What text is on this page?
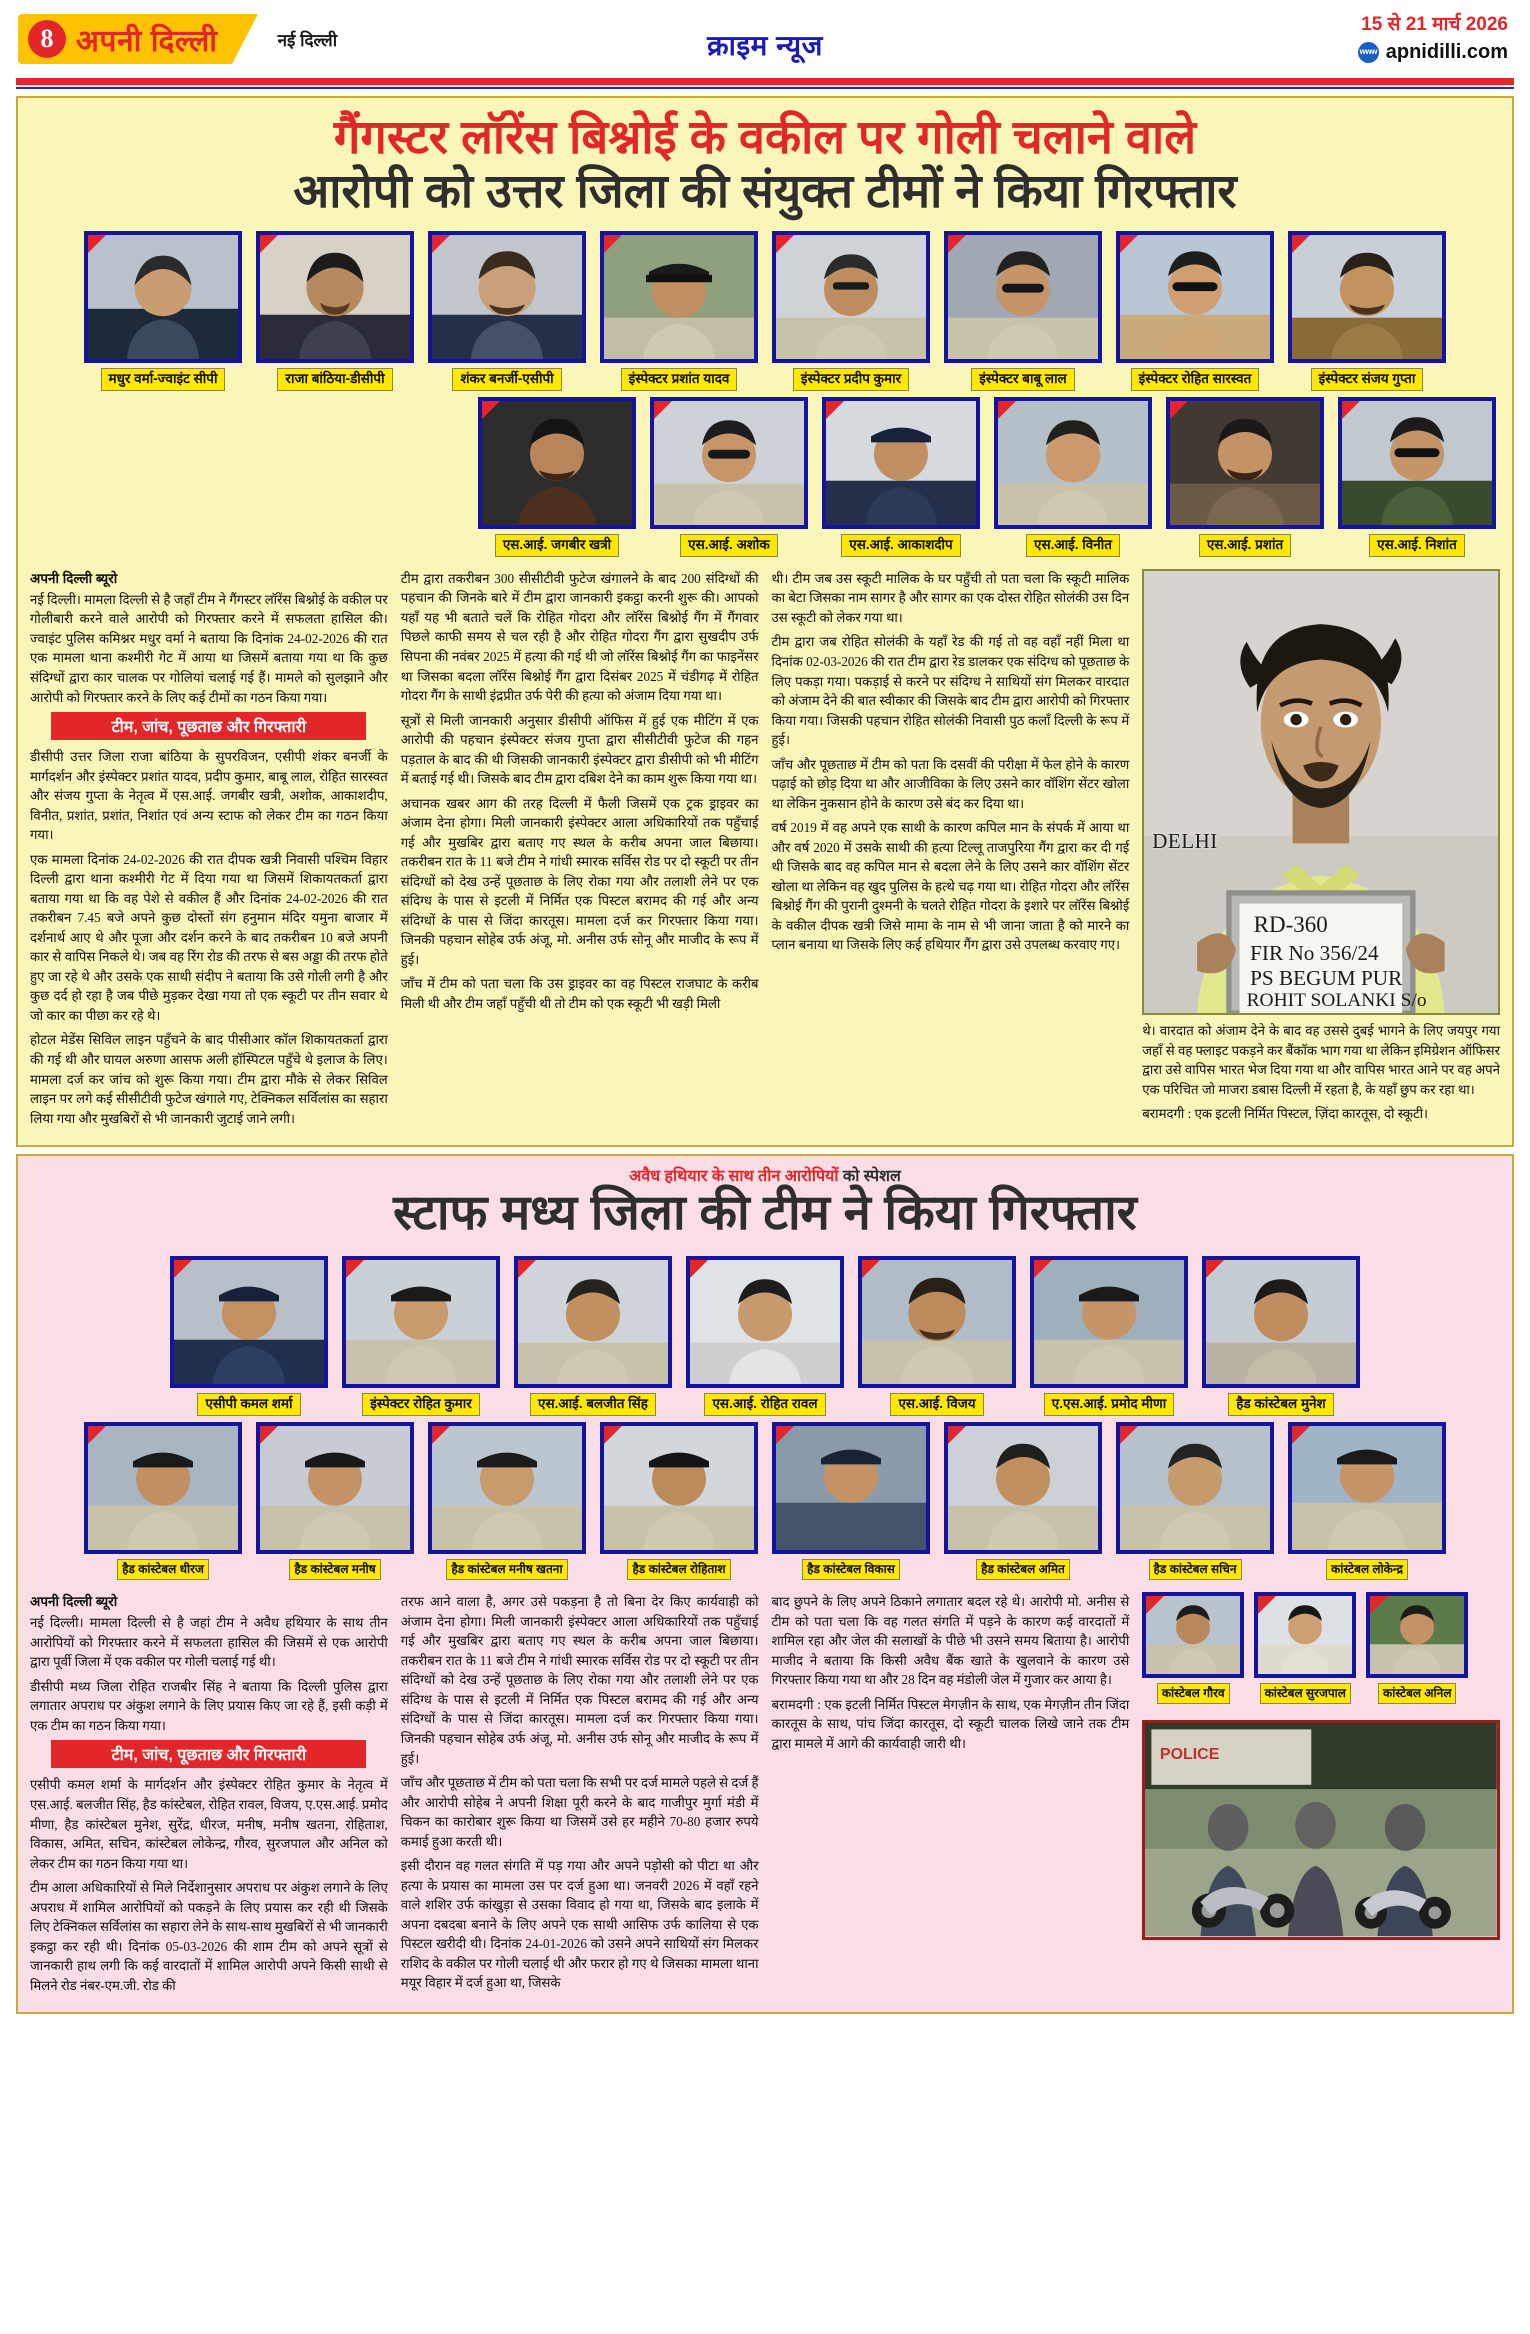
8 अपनी दिल्ली	नई दिल्ली	क्राइम न्यूज
15 से 21 मार्च 2026
www apnidilli.com
गैंगस्टर लॉरेंस बिश्नोई के वकील पर गोली चलाने वाले
आरोपी को उत्तर जिला की संयुक्त टीमों ने किया गिरफ्तार
मधुर वर्मा-ज्वाइंट सीपी	राजा बांठिया-डीसीपी	शंकर बनर्जी-एसीपी	इंस्पेक्टर प्रशांत यादव	इंस्पेक्टर प्रदीप कुमार	इंस्पेक्टर बाबू लाल	इंस्पेक्टर रोहित सारस्वत	इंस्पेक्टर संजय गुप्ता
एस.आई. जगबीर खत्री	एस.आई. अशोक	एस.आई. आकाशदीप	एस.आई. विनीत	एस.आई. प्रशांत	एस.आई. निशांत
अपनी दिल्ली ब्यूरो

नई दिल्ली। मामला दिल्ली से है जहाँ टीम ने गैंगस्टर लॉरेंस बिश्नोई के वकील पर गोलीबारी करने वाले आरोपी को गिरफ्तार करने में सफलता हासिल की। ज्वाइंट पुलिस कमिश्नर मधुर वर्मा ने बताया कि दिनांक 24-02-2026 की रात एक मामला थाना कश्मीरी गेट में आया था जिसमें बताया गया था कि कुछ संदिग्धों द्वारा कार चालक पर गोलियां चलाई गई हैं। मामले को सुलझाने और आरोपी को गिरफ्तार करने के लिए कई टीमों का गठन किया गया।

टीम, जांच, पूछताछ और गिरफ्तारी

डीसीपी उत्तर जिला राजा बांठिया के सुपरविजन, एसीपी शंकर बनर्जी के मार्गदर्शन और इंस्पेक्टर प्रशांत यादव, प्रदीप कुमार, बाबू लाल, रोहित सारस्वत और संजय गुप्ता के नेतृत्व में एस.आई. जगबीर खत्री, अशोक, आकाशदीप, विनीत, प्रशांत, प्रशांत, निशांत एवं अन्य स्टाफ को लेकर टीम का गठन किया गया।

एक मामला दिनांक 24-02-2026 की रात दीपक खत्री निवासी पश्चिम विहार दिल्ली द्वारा थाना कश्मीरी गेट में दिया गया था जिसमें शिकायतकर्ता द्वारा बताया गया था कि वह पेशे से वकील हैं और दिनांक 24-02-2026 की रात तकरीबन 7.45 बजे अपने कुछ दोस्तों संग हनुमान मंदिर यमुना बाजार में दर्शनार्थ आए थे और पूजा और दर्शन करने के बाद तकरीबन 10 बजे अपनी कार से वापिस निकले थे। जब वह रिंग रोड की तरफ से बस अड्डा की तरफ होते हुए जा रहे थे और उसके एक साथी संदीप ने बताया कि उसे गोली लगी है और कुछ दर्द हो रहा है जब पीछे मुड़कर देखा गया तो एक स्कूटी पर तीन सवार थे जो कार का पीछा कर रहे थे।

होटल मेडेंस सिविल लाइन पहुँचने के बाद पीसीआर कॉल शिकायतकर्ता द्वारा की गई थी और घायल अरुणा आसफ अली हॉस्पिटल पहुँचे थे इलाज के लिए। मामला दर्ज कर जांच को शुरू किया गया। टीम द्वारा मौके से लेकर सिविल लाइन पर लगे कई सीसीटीवी फुटेज खंगाले गए, टेक्निकल सर्विलांस का सहारा लिया गया और मुखबिरों से भी जानकारी जुटाई जाने लगी।

टीम द्वारा तकरीबन 300 सीसीटीवी फुटेज खंगालने के बाद 200 संदिग्धों की पहचान की जिनके बारे में टीम द्वारा जानकारी इकट्ठा करनी शुरू की। आपको यहाँ यह भी बताते चलें कि रोहित गोदरा और लॉरेंस बिश्नोई गैंग में गैंगवार पिछले काफी समय से चल रही है और रोहित गोदरा गैंग द्वारा सुखदीप उर्फ सिपना की नवंबर 2025 में हत्या की गई थी जो लॉरेंस बिश्नोई गैंग का फाइनेंसर था जिसका बदला लॉरेंस बिश्नोई गैंग द्वारा दिसंबर 2025 में चंडीगढ़ में रोहित गोदरा गैंग के साथी इंद्रप्रीत उर्फ पेरी की हत्या को अंजाम दिया गया था।

सूत्रों से मिली जानकारी अनुसार डीसीपी ऑफिस में हुई एक मीटिंग में एक आरोपी की पहचान इंस्पेक्टर संजय गुप्ता द्वारा सीसीटीवी फुटेज की गहन पड़ताल के बाद की थी जिसकी जानकारी इंस्पेक्टर द्वारा डीसीपी को भी मीटिंग में बताई गई थी। जिसके बाद टीम द्वारा दबिश देने का काम शुरू किया गया था।

अचानक खबर आग की तरह दिल्ली में फैली जिसमें एक ट्रक ड्राइवर का अंजाम देना होगा। मिली जानकारी इंस्पेक्टर आला अधिकारियों तक पहुँचाई गई और मुखबिर द्वारा बताए गए स्थल के करीब अपना जाल बिछाया। तकरीबन रात के 11 बजे टीम ने गांधी स्मारक सर्विस रोड पर दो स्कूटी पर तीन संदिग्धों को देख उन्हें पूछताछ के लिए रोका गया और तलाशी लेने पर एक संदिग्ध के पास से इटली में निर्मित एक पिस्टल बरामद की गई और अन्य संदिग्धों के पास से जिंदा कारतूस। मामला दर्ज कर गिरफ्तार किया गया। जिनकी पहचान सोहेब उर्फ अंजू, मो. अनीस उर्फ सोनू और माजीद के रूप में हुई।

जाँच में टीम को पता चला कि उस ड्राइवर का वह पिस्टल राजघाट के करीब मिली थी और टीम जहाँ पहुँची थी तो टीम को एक स्कूटी भी खड़ी मिली

थी। टीम जब उस स्कूटी मालिक के घर पहुँची तो पता चला कि स्कूटी मालिक का बेटा जिसका नाम सागर है और सागर का एक दोस्त रोहित सोलंकी उस दिन उस स्कूटी को लेकर गया था।

टीम द्वारा जब रोहित सोलंकी के यहाँ रेड की गई तो वह वहाँ नहीं मिला था दिनांक 02-03-2026 की रात टीम द्वारा रेड डालकर एक संदिग्ध को पूछताछ के लिए पकड़ा गया। पकड़ाई से करने पर संदिग्ध ने साथियों संग मिलकर वारदात को अंजाम देने की बात स्वीकार की जिसके बाद टीम द्वारा आरोपी को गिरफ्तार किया गया। जिसकी पहचान रोहित सोलंकी निवासी पुठ कलाँ दिल्ली के रूप में हुई।

जाँच और पूछताछ में टीम को पता कि दसवीं की परीक्षा में फेल होने के कारण पढ़ाई को छोड़ दिया था और आजीविका के लिए उसने कार वॉशिंग सेंटर खोला था लेकिन नुकसान होने के कारण उसे बंद कर दिया था।

वर्ष 2019 में वह अपने एक साथी के कारण कपिल मान के संपर्क में आया था और वर्ष 2020 में उसके साथी की हत्या टिल्लू ताजपुरिया गैंग द्वारा कर दी गई थी जिसके बाद वह कपिल मान से बदला लेने के लिए उसने कार वॉशिंग सेंटर खोला था लेकिन वह खुद पुलिस के हत्थे चढ़ गया था। रोहित गोदरा और लॉरेंस बिश्नोई गैंग की पुरानी दुश्मनी के चलते रोहित गोदरा के इशारे पर लॉरेंस बिश्नोई के वकील दीपक खत्री जिसे मामा के नाम से भी जाना जाता है को मारने का प्लान बनाया था जिसके लिए कई हथियार गैंग द्वारा उसे उपलब्ध करवाए गए।

RD-360
FIR No 356/24
PS BEGUM PUR
ROHIT SOLANKI S/o
DELHI

थे। वारदात को अंजाम देने के बाद वह उससे दुबई भागने के लिए जयपुर गया जहाँ से वह फ्लाइट पकड़ने कर बैंकॉक भाग गया था लेकिन इमिग्रेशन ऑफिसर द्वारा उसे वापिस भारत भेज दिया गया था और वापिस भारत आने पर वह अपने एक परिचित जो माजरा डबास दिल्ली में रहता है, के यहाँ छुप कर रहा था।

बरामदगी : एक इटली निर्मित पिस्टल, ज़िंदा कारतूस, दो स्कूटी।

अवैध हथियार के साथ तीन आरोपियों को स्पेशल
स्टाफ मध्य जिला की टीम ने किया गिरफ्तार
एसीपी कमल शर्मा	इंस्पेक्टर रोहित कुमार	एस.आई. बलजीत सिंह	एस.आई. रोहित रावल	एस.आई. विजय	ए.एस.आई. प्रमोद मीणा	हैड कांस्टेबल मुनेश
हैड कांस्टेबल धीरज	हैड कांस्टेबल मनीष	हैड कांस्टेबल मनीष खतना	हैड कांस्टेबल रोहिताश	हैड कांस्टेबल विकास	हैड कांस्टेबल अमित	हैड कांस्टेबल सचिन	कांस्टेबल लोकेन्द्र
अपनी दिल्ली ब्यूरो

नई दिल्ली। मामला दिल्ली से है जहां टीम ने अवैध हथियार के साथ तीन आरोपियों को गिरफ्तार करने में सफलता हासिल की जिसमें से एक आरोपी द्वारा पूर्वी जिला में एक वकील पर गोली चलाई गई थी।

डीसीपी मध्य जिला रोहित राजबीर सिंह ने बताया कि दिल्ली पुलिस द्वारा लगातार अपराध पर अंकुश लगाने के लिए प्रयास किए जा रहे हैं, इसी कड़ी में एक टीम का गठन किया गया।

टीम, जांच, पूछताछ और गिरफ्तारी

एसीपी कमल शर्मा के मार्गदर्शन और इंस्पेक्टर रोहित कुमार के नेतृत्व में एस.आई. बलजीत सिंह, हैड कांस्टेबल, रोहित रावल, विजय, ए.एस.आई. प्रमोद मीणा, हैड कांस्टेबल मुनेश, सुरेंद्र, धीरज, मनीष, मनीष खतना, रोहिताश, विकास, अमित, सचिन, कांस्टेबल लोकेन्द्र, गौरव, सुरजपाल और अनिल को लेकर टीम का गठन किया गया था।

टीम आला अधिकारियों से मिले निर्देशानुसार अपराध पर अंकुश लगाने के लिए अपराध में शामिल आरोपियों को पकड़ने के लिए प्रयास कर रही थी जिसके लिए टेक्निकल सर्विलांस का सहारा लेने के साथ-साथ मुखबिरों से भी जानकारी इकट्ठा कर रही थी। दिनांक 05-03-2026 की शाम टीम को अपने सूत्रों से जानकारी हाथ लगी कि कई वारदातों में शामिल आरोपी अपने किसी साथी से मिलने रोड नंबर-एम.जी. रोड की

तरफ आने वाला है, अगर उसे पकड़ना है तो बिना देर किए कार्यवाही को अंजाम देना होगा। मिली जानकारी इंस्पेक्टर आला अधिकारियों तक पहुँचाई गई और मुखबिर द्वारा बताए गए स्थल के करीब अपना जाल बिछाया। तकरीबन रात के 11 बजे टीम ने गांधी स्मारक सर्विस रोड पर दो स्कूटी पर तीन संदिग्धों को देख उन्हें पूछताछ के लिए रोका गया और तलाशी लेने पर एक संदिग्ध के पास से इटली में निर्मित एक पिस्टल बरामद की गई और अन्य संदिग्धों के पास से जिंदा कारतूस। मामला दर्ज कर गिरफ्तार किया गया। जिनकी पहचान सोहेब उर्फ अंजू, मो. अनीस उर्फ सोनू और माजीद के रूप में हुई।

जाँच और पूछताछ में टीम को पता चला कि सभी पर दर्ज मामले पहले से दर्ज हैं और आरोपी सोहेब ने अपनी शिक्षा पूरी करने के बाद गाजीपुर मुर्गा मंडी में चिकन का कारोबार शुरू किया था जिसमें उसे हर महीने 70-80 हजार रुपये कमाई हुआ करती थी।

इसी दौरान वह गलत संगति में पड़ गया और अपने पड़ोसी को पीटा था और हत्या के प्रयास का मामला उस पर दर्ज हुआ था। जनवरी 2026 में वहाँ रहने वाले शशिर उर्फ कांखुड़ा से उसका विवाद हो गया था, जिसके बाद इलाके में अपना दबदबा बनाने के लिए अपने एक साथी आसिफ उर्फ कालिया से एक पिस्टल खरीदी थी। दिनांक 24-01-2026 को उसने अपने साथियों संग मिलकर राशिद के वकील पर गोली चलाई थी और फरार हो गए थे जिसका मामला थाना मयूर विहार में दर्ज हुआ था, जिसके

बाद छुपने के लिए अपने ठिकाने लगातार बदल रहे थे। आरोपी मो. अनीस से टीम को पता चला कि वह गलत संगति में पड़ने के कारण कई वारदातों में शामिल रहा और जेल की सलाखों के पीछे भी उसने समय बिताया है। आरोपी माजीद ने बताया कि किसी अवैध बैंक खाते के खुलवाने के कारण उसे गिरफ्तार किया गया था और 28 दिन वह मंडोली जेल में गुजार कर आया है।

बरामदगी : एक इटली निर्मित पिस्टल मेगज़ीन के साथ, एक मेगज़ीन तीन जिंदा कारतूस के साथ, पांच जिंदा कारतूस, दो स्कूटी चालक लिखे जाने तक टीम द्वारा मामले में आगे की कार्यवाही जारी थी।

कांस्टेबल गौरव	कांस्टेबल सुरजपाल	कांस्टेबल अनिल
POLICE
